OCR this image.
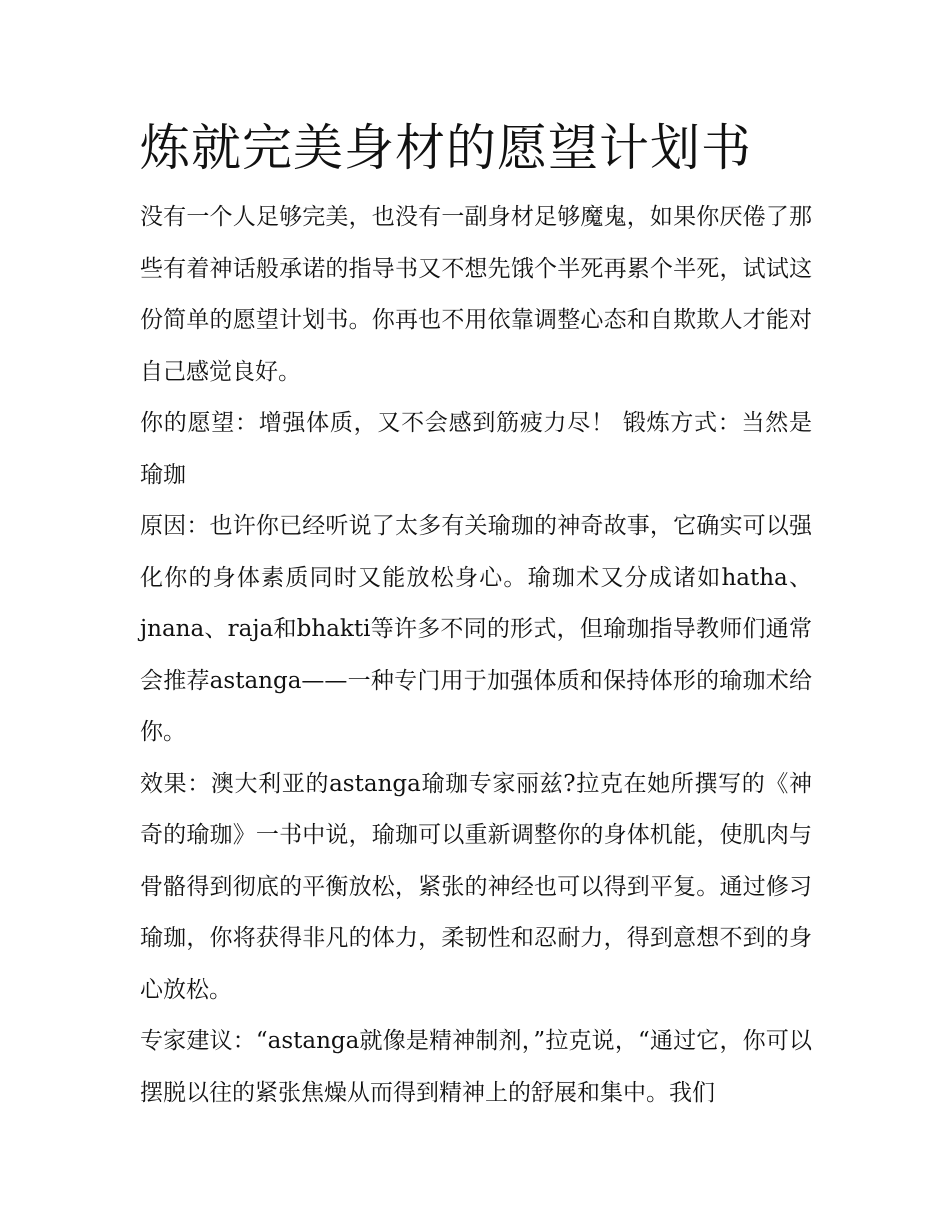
炼就完美身材的愿望计划书

没有一个人足够完美，也没有一副身材足够魔鬼，如果你厌倦了那些有着神话般承诺的指导书又不想先饿个半死再累个半死，试试这份简单的愿望计划书。你再也不用依靠调整心态和自欺欺人才能对自己感觉良好。

你的愿望：增强体质，又不会感到筋疲力尽！ 锻炼方式：当然是瑜珈

原因：也许你已经听说了太多有关瑜珈的神奇故事，它确实可以强化你的身体素质同时又能放松身心。瑜珈术又分成诸如hatha、jnana、raja和bhakti等许多不同的形式，但瑜珈指导教师们通常会推荐astanga——一种专门用于加强体质和保持体形的瑜珈术给你。

效果：澳大利亚的astanga瑜珈专家丽兹?拉克在她所撰写的《神奇的瑜珈》一书中说，瑜珈可以重新调整你的身体机能，使肌肉与骨骼得到彻底的平衡放松，紧张的神经也可以得到平复。通过修习瑜珈，你将获得非凡的体力，柔韧性和忍耐力，得到意想不到的身心放松。

专家建议：“astanga就像是精神制剂，”拉克说，“通过它，你可以摆脱以往的紧张焦燥从而得到精神上的舒展和集中。我们
